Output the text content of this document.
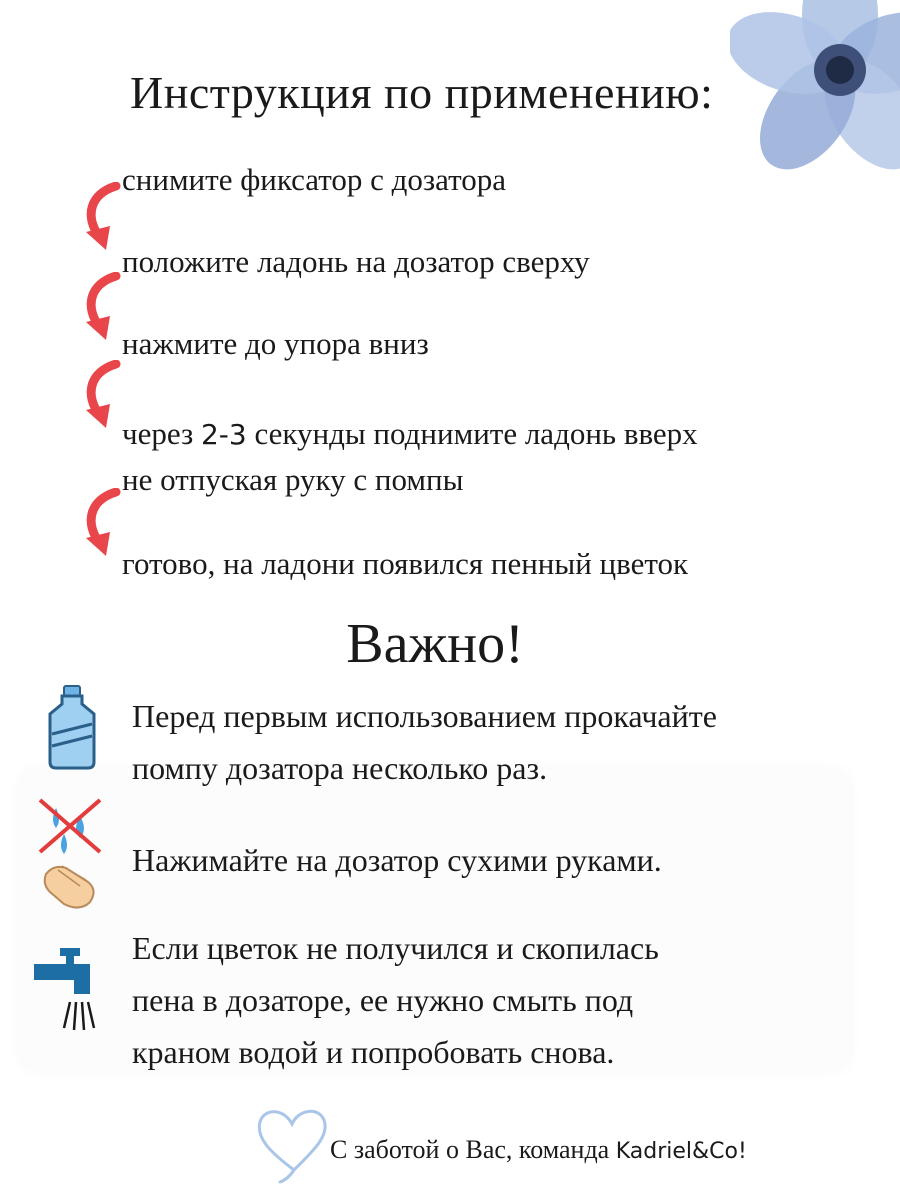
Инструкция по применению:
снимите фиксатор с дозатора
положите ладонь на дозатор сверху
нажмите до упора вниз
через 2-3 секунды поднимите ладонь вверх
не отпуская руку с помпы
готово, на ладони появился пенный цветок
Важно!
Перед первым использованием прокачайте
помпу дозатора несколько раз.
Нажимайте на дозатор сухими руками.
Если цветок не получился и скопилась
пена в дозаторе, ее нужно смыть под
краном водой и попробовать снова.
С заботой о Вас, команда Kadriel&Co!
